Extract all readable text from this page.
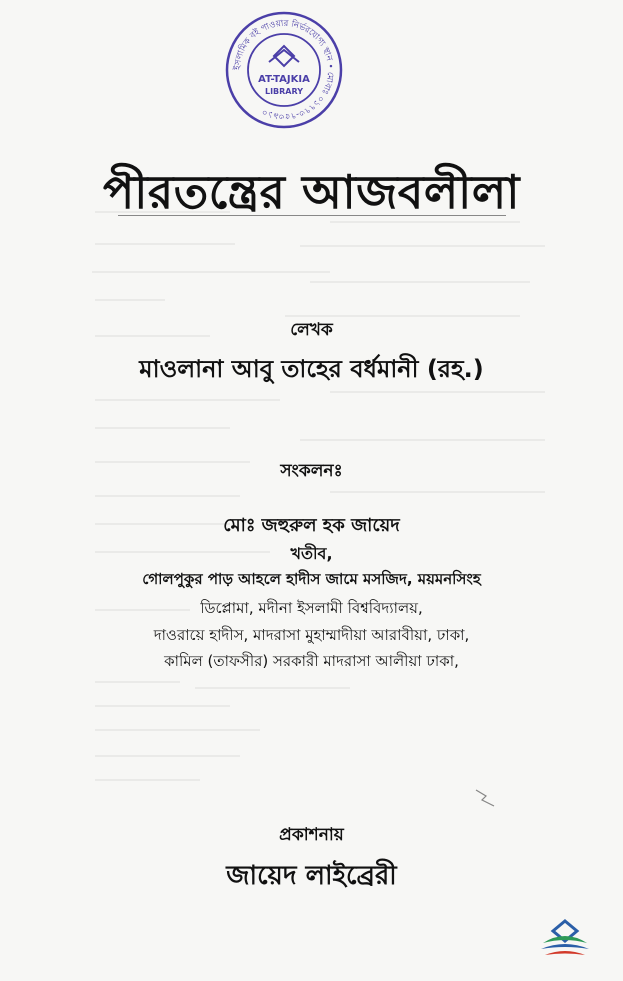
ইসলামিক বই পাওয়ার নির্ভরযোগ্য স্থান • মোবাঃ ০১৭৭৩-৭৫৩৯১০
AT-TAJKIA
LIBRARY
পীরতন্ত্রের আজবলীলা
লেখক
মাওলানা আবু তাহের বর্ধমানী (রহ.)
সংকলনঃ
মোঃ জহুরুল হক জায়েদ
খতীব,
গোলপুকুর পাড় আহলে হাদীস জামে মসজিদ, ময়মনসিংহ
ডিপ্লোমা, মদীনা ইসলামী বিশ্ববিদ্যালয়,
দাওরায়ে হাদীস, মাদরাসা মুহাম্মাদীয়া আরাবীয়া, ঢাকা,
কামিল (তাফসীর) সরকারী মাদরাসা আলীয়া ঢাকা,
প্রকাশনায়
জায়েদ লাইব্রেরী
